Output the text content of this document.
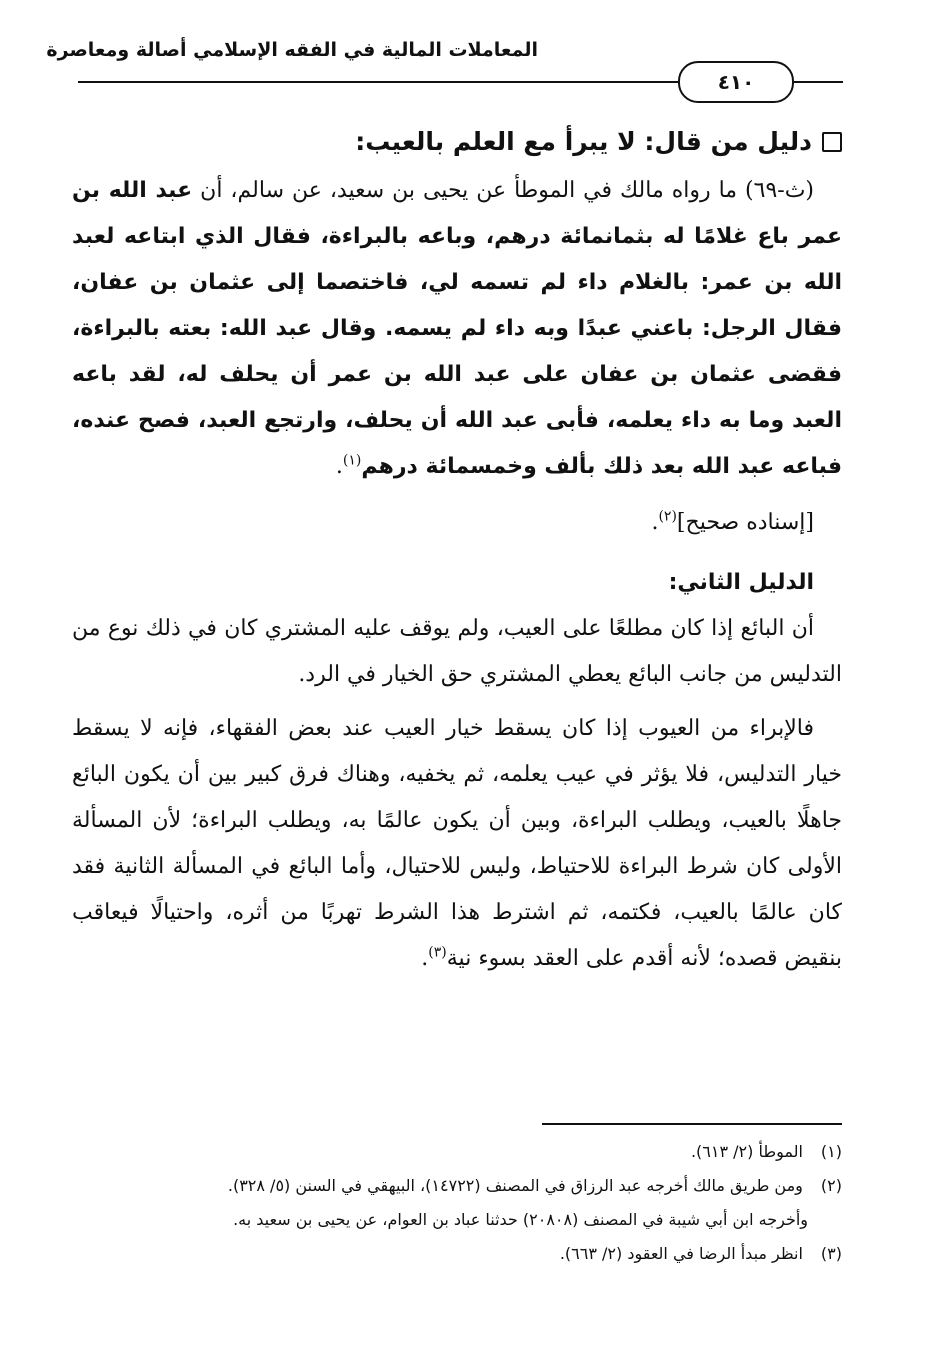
المعاملات المالية في الفقه الإسلامي أصالة ومعاصرة
٤١٠
دليل من قال: لا يبرأ مع العلم بالعيب:

(ث-٦٩) ما رواه مالك في الموطأ عن يحيى بن سعيد، عن سالم، أن عبد الله بن عمر باع غلامًا له بثمانمائة درهم، وباعه بالبراءة، فقال الذي ابتاعه لعبد الله بن عمر: بالغلام داء لم تسمه لي، فاختصما إلى عثمان بن عفان، فقال الرجل: باعني عبدًا وبه داء لم يسمه. وقال عبد الله: بعته بالبراءة، فقضى عثمان بن عفان على عبد الله بن عمر أن يحلف له، لقد باعه العبد وما به داء يعلمه، فأبى عبد الله أن يحلف، وارتجع العبد، فصح عنده، فباعه عبد الله بعد ذلك بألف وخمسمائة درهم$^{(١)}$.

[إسناده صحيح]$^{(٢)}$.

الدليل الثاني:

أن البائع إذا كان مطلعًا على العيب، ولم يوقف عليه المشتري كان في ذلك نوع من التدليس من جانب البائع يعطي المشتري حق الخيار في الرد.

فالإبراء من العيوب إذا كان يسقط خيار العيب عند بعض الفقهاء، فإنه لا يسقط خيار التدليس، فلا يؤثر في عيب يعلمه، ثم يخفيه، وهناك فرق كبير بين أن يكون البائع جاهلًا بالعيب، ويطلب البراءة، وبين أن يكون عالمًا به، ويطلب البراءة؛ لأن المسألة الأولى كان شرط البراءة للاحتياط، وليس للاحتيال، وأما البائع في المسألة الثانية فقد كان عالمًا بالعيب، فكتمه، ثم اشترط هذا الشرط تهربًا من أثره، واحتيالًا فيعاقب بنقيض قصده؛ لأنه أقدم على العقد بسوء نية$^{(٣)}$.

(١) الموطأ (٢/ ٦١٣).

(٢) ومن طريق مالك أخرجه عبد الرزاق في المصنف (١٤٧٢٢)، البيهقي في السنن (٥/ ٣٢٨).

وأخرجه ابن أبي شيبة في المصنف (٢٠٨٠٨) حدثنا عباد بن العوام، عن يحيى بن سعيد به.

(٣) انظر مبدأ الرضا في العقود (٢/ ٦٦٣).
